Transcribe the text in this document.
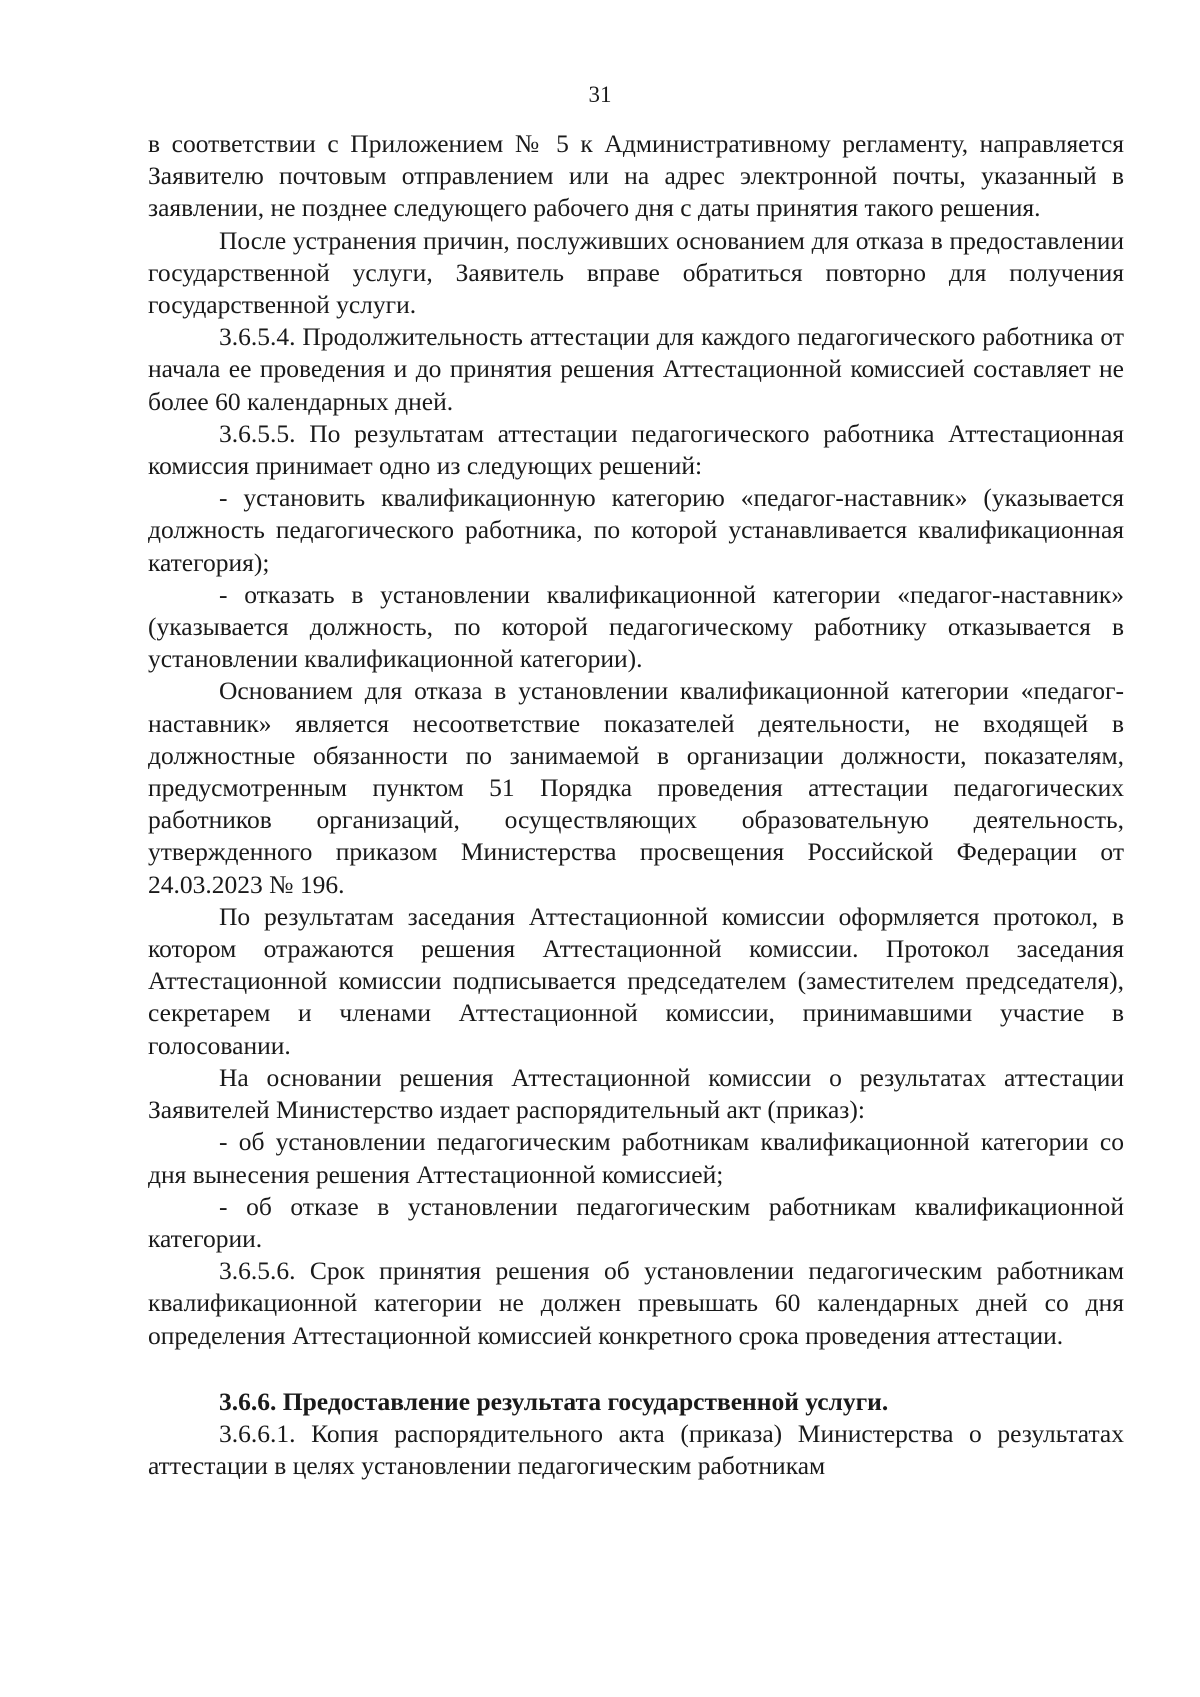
31

в соответствии с Приложением № 5 к Административному регламенту, направляется Заявителю почтовым отправлением или на адрес электронной почты, указанный в заявлении, не позднее следующего рабочего дня с даты принятия такого решения.

После устранения причин, послуживших основанием для отказа в предоставлении государственной услуги, Заявитель вправе обратиться повторно для получения государственной услуги.

3.6.5.4. Продолжительность аттестации для каждого педагогического работника от начала ее проведения и до принятия решения Аттестационной комиссией составляет не более 60 календарных дней.

3.6.5.5. По результатам аттестации педагогического работника Аттестационная комиссия принимает одно из следующих решений:

- установить квалификационную категорию «педагог-наставник» (указывается должность педагогического работника, по которой устанавливается квалификационная категория);

- отказать в установлении квалификационной категории «педагог-наставник» (указывается должность, по которой педагогическому работнику отказывается в установлении квалификационной категории).

Основанием для отказа в установлении квалификационной категории «педагог-наставник» является несоответствие показателей деятельности, не входящей в должностные обязанности по занимаемой в организации должности, показателям, предусмотренным пунктом 51 Порядка проведения аттестации педагогических работников организаций, осуществляющих образовательную деятельность, утвержденного приказом Министерства просвещения Российской Федерации от 24.03.2023 № 196.

По результатам заседания Аттестационной комиссии оформляется протокол, в котором отражаются решения Аттестационной комиссии. Протокол заседания Аттестационной комиссии подписывается председателем (заместителем председателя), секретарем и членами Аттестационной комиссии, принимавшими участие в голосовании.

На основании решения Аттестационной комиссии о результатах аттестации Заявителей Министерство издает распорядительный акт (приказ):

- об установлении педагогическим работникам квалификационной категории со дня вынесения решения Аттестационной комиссией;

- об отказе в установлении педагогическим работникам квалификационной категории.

3.6.5.6. Срок принятия решения об установлении педагогическим работникам квалификационной категории не должен превышать 60 календарных дней со дня определения Аттестационной комиссией конкретного срока проведения аттестации.

3.6.6. Предоставление результата государственной услуги.

3.6.6.1. Копия распорядительного акта (приказа) Министерства о результатах аттестации в целях установлении педагогическим работникам
